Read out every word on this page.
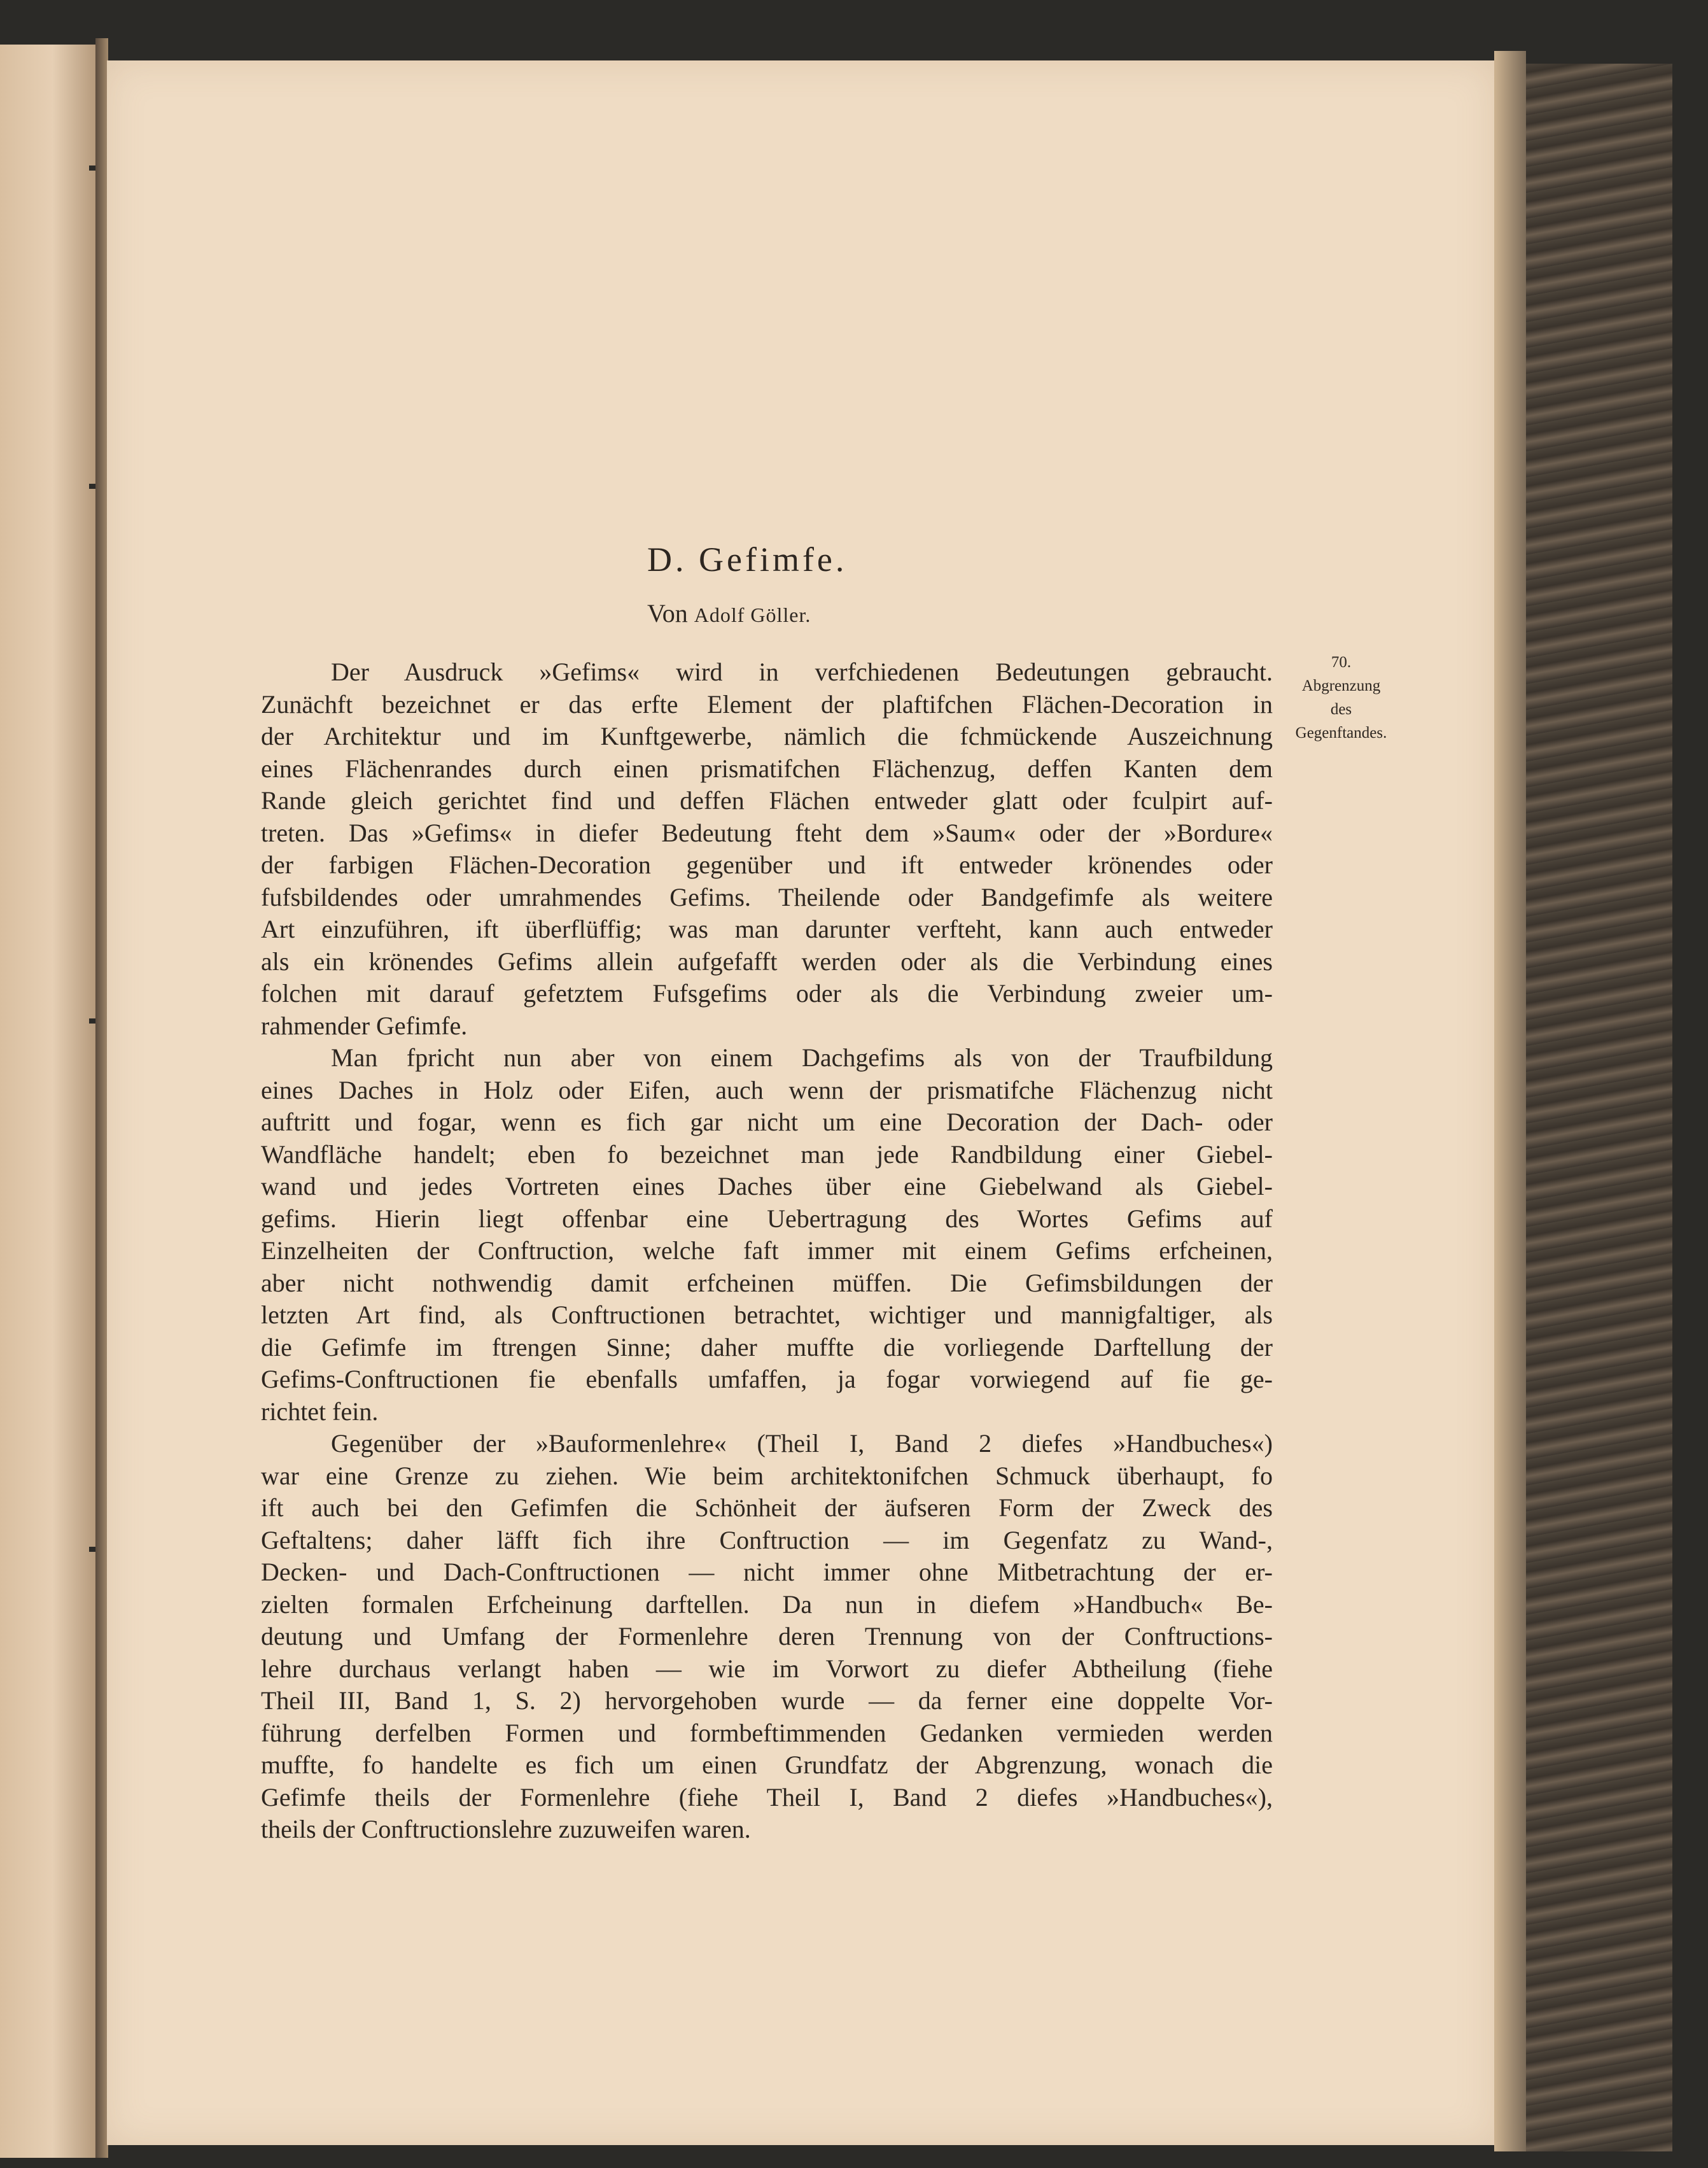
D. Gefimfe.
Von Adolf Göller.
70.
Abgrenzung
des
Gegenftandes.
Der Ausdruck »Gefims« wird in verfchiedenen Bedeutungen gebraucht.
Zunächft bezeichnet er das erfte Element der plaftifchen Flächen-Decoration in
der Architektur und im Kunftgewerbe, nämlich die fchmückende Auszeichnung
eines Flächenrandes durch einen prismatifchen Flächenzug, deffen Kanten dem
Rande gleich gerichtet find und deffen Flächen entweder glatt oder fculpirt auf-
treten. Das »Gefims« in diefer Bedeutung fteht dem »Saum« oder der »Bordure«
der farbigen Flächen-Decoration gegenüber und ift entweder krönendes oder
fufsbildendes oder umrahmendes Gefims. Theilende oder Bandgefimfe als weitere
Art einzuführen, ift überflüffig; was man darunter verfteht, kann auch entweder
als ein krönendes Gefims allein aufgefafft werden oder als die Verbindung eines
folchen mit darauf gefetztem Fufsgefims oder als die Verbindung zweier um-
rahmender Gefimfe.
Man fpricht nun aber von einem Dachgefims als von der Traufbildung
eines Daches in Holz oder Eifen, auch wenn der prismatifche Flächenzug nicht
auftritt und fogar, wenn es fich gar nicht um eine Decoration der Dach- oder
Wandfläche handelt; eben fo bezeichnet man jede Randbildung einer Giebel-
wand und jedes Vortreten eines Daches über eine Giebelwand als Giebel-
gefims. Hierin liegt offenbar eine Uebertragung des Wortes Gefims auf
Einzelheiten der Conftruction, welche faft immer mit einem Gefims erfcheinen,
aber nicht nothwendig damit erfcheinen müffen. Die Gefimsbildungen der
letzten Art find, als Conftructionen betrachtet, wichtiger und mannigfaltiger, als
die Gefimfe im ftrengen Sinne; daher muffte die vorliegende Darftellung der
Gefims-Conftructionen fie ebenfalls umfaffen, ja fogar vorwiegend auf fie ge-
richtet fein.
Gegenüber der »Bauformenlehre« (Theil I, Band 2 diefes »Handbuches«)
war eine Grenze zu ziehen. Wie beim architektonifchen Schmuck überhaupt, fo
ift auch bei den Gefimfen die Schönheit der äufseren Form der Zweck des
Geftaltens; daher läfft fich ihre Conftruction — im Gegenfatz zu Wand-,
Decken- und Dach-Conftructionen — nicht immer ohne Mitbetrachtung der er-
zielten formalen Erfcheinung darftellen. Da nun in diefem »Handbuch« Be-
deutung und Umfang der Formenlehre deren Trennung von der Conftructions-
lehre durchaus verlangt haben — wie im Vorwort zu diefer Abtheilung (fiehe
Theil III, Band 1, S. 2) hervorgehoben wurde — da ferner eine doppelte Vor-
führung derfelben Formen und formbeftimmenden Gedanken vermieden werden
muffte, fo handelte es fich um einen Grundfatz der Abgrenzung, wonach die
Gefimfe theils der Formenlehre (fiehe Theil I, Band 2 diefes »Handbuches«),
theils der Conftructionslehre zuzuweifen waren.
